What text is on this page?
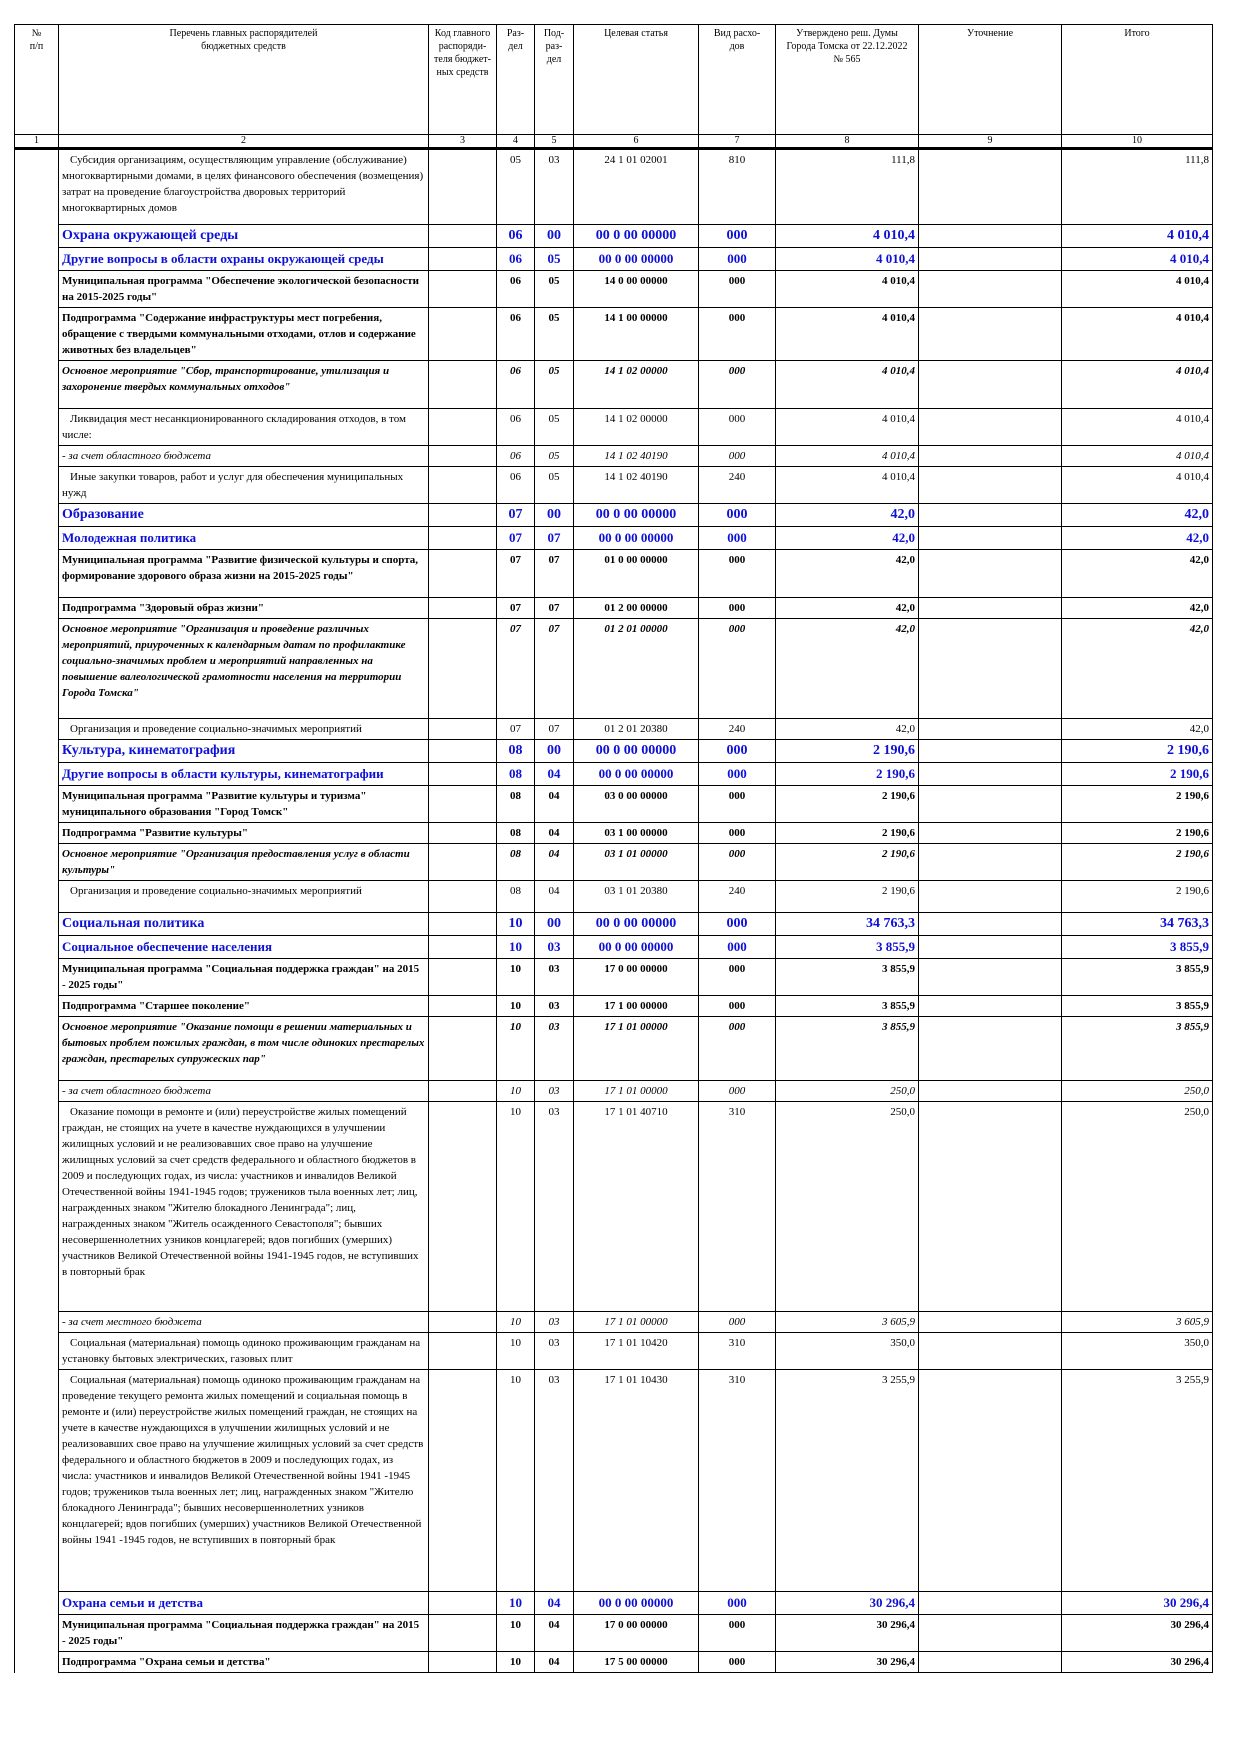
№
п/п	Перечень главных распорядителей
бюджетных средств	Код главного
распоряди-
теля бюджет-
ных средств	Раз-
дел	Под-
раз-
дел	Целевая статья	Вид расхо-
дов	Утверждено реш. Думы
Города Томска от 22.12.2022
№ 565	Уточнение	Итого
1	2	3	4	5	6	7	8	9	10
	Субсидия организациям, осуществляющим управление (обслуживание) многоквартирными домами, в целях финансового обеспечения (возмещения) затрат на проведение благоустройства дворовых территорий многоквартирных домов		05	03	24 1 01 02001	810	111,8		111,8
	Охрана окружающей среды		06	00	00 0 00 00000	000	4 010,4		4 010,4
	Другие вопросы в области охраны окружающей среды		06	05	00 0 00 00000	000	4 010,4		4 010,4
	Муниципальная программа "Обеспечение экологической безопасности на 2015-2025 годы"		06	05	14 0 00 00000	000	4 010,4		4 010,4
	Подпрограмма "Содержание инфраструктуры мест погребения, обращение с твердыми коммунальными отходами, отлов и содержание животных без владельцев"		06	05	14 1 00 00000	000	4 010,4		4 010,4
	Основное мероприятие "Сбор, транспортирование, утилизация и захоронение твердых коммунальных отходов"		06	05	14 1 02 00000	000	4 010,4		4 010,4
	Ликвидация мест несанкционированного складирования отходов, в том числе:		06	05	14 1 02 00000	000	4 010,4		4 010,4
	- за счет областного бюджета		06	05	14 1 02 40190	000	4 010,4		4 010,4
	Иные закупки товаров, работ и услуг для обеспечения муниципальных нужд		06	05	14 1 02 40190	240	4 010,4		4 010,4
	Образование		07	00	00 0 00 00000	000	42,0		42,0
	Молодежная политика		07	07	00 0 00 00000	000	42,0		42,0
	Муниципальная программа "Развитие физической культуры и спорта, формирование здорового образа жизни на 2015-2025 годы"		07	07	01 0 00 00000	000	42,0		42,0
	Подпрограмма "Здоровый образ жизни"		07	07	01 2 00 00000	000	42,0		42,0
	Основное мероприятие "Организация и проведение различных мероприятий, приуроченных к календарным датам по профилактике социально-значимых проблем и мероприятий направленных на повышение валеологической грамотности населения на территории Города Томска"		07	07	01 2 01 00000	000	42,0		42,0
	Организация и проведение социально-значимых мероприятий		07	07	01 2 01 20380	240	42,0		42,0
	Культура, кинематография		08	00	00 0 00 00000	000	2 190,6		2 190,6
	Другие вопросы в области культуры, кинематографии		08	04	00 0 00 00000	000	2 190,6		2 190,6
	Муниципальная программа "Развитие культуры и туризма" муниципального образования "Город Томск"		08	04	03 0 00 00000	000	2 190,6		2 190,6
	Подпрограмма "Развитие культуры"		08	04	03 1 00 00000	000	2 190,6		2 190,6
	Основное мероприятие "Организация предоставления услуг в области культуры"		08	04	03 1 01 00000	000	2 190,6		2 190,6
	Организация и проведение социально-значимых мероприятий		08	04	03 1 01 20380	240	2 190,6		2 190,6
	Социальная политика		10	00	00 0 00 00000	000	34 763,3		34 763,3
	Социальное обеспечение населения		10	03	00 0 00 00000	000	3 855,9		3 855,9
	Муниципальная программа "Социальная поддержка граждан" на 2015 - 2025 годы"		10	03	17 0 00 00000	000	3 855,9		3 855,9
	Подпрограмма "Старшее поколение"		10	03	17 1 00 00000	000	3 855,9		3 855,9
	Основное мероприятие "Оказание помощи в решении материальных и бытовых проблем пожилых граждан, в том числе одиноких престарелых граждан, престарелых супружеских пар"		10	03	17 1 01 00000	000	3 855,9		3 855,9
	- за счет областного бюджета		10	03	17 1 01 00000	000	250,0		250,0
	Оказание помощи в ремонте и (или) переустройстве жилых помещений граждан, не стоящих на учете в качестве нуждающихся в улучшении жилищных условий и не реализовавших свое право на улучшение жилищных условий за счет средств федерального и областного бюджетов в 2009 и последующих годах, из числа: участников и инвалидов Великой Отечественной войны 1941-1945 годов; тружеников тыла военных лет; лиц, награжденных знаком "Жителю блокадного Ленинграда"; лиц, награжденных знаком "Житель осажденного Севастополя"; бывших несовершеннолетних узников концлагерей; вдов погибших (умерших) участников Великой Отечественной войны 1941-1945 годов, не вступивших в повторный брак		10	03	17 1 01 40710	310	250,0		250,0
	- за счет местного бюджета		10	03	17 1 01 00000	000	3 605,9		3 605,9
	Социальная (материальная) помощь одиноко проживающим гражданам на установку бытовых электрических, газовых плит		10	03	17 1 01 10420	310	350,0		350,0
	Социальная (материальная) помощь одиноко проживающим гражданам на проведение текущего ремонта жилых помещений и социальная помощь в ремонте и (или) переустройстве жилых помещений граждан, не стоящих на учете в качестве нуждающихся в улучшении жилищных условий и не реализовавших свое право на улучшение жилищных условий за счет средств федерального и областного бюджетов в 2009 и последующих годах, из числа: участников и инвалидов Великой Отечественной войны 1941 -1945 годов; тружеников тыла военных лет; лиц, награжденных знаком "Жителю блокадного Ленинграда"; бывших несовершеннолетних узников концлагерей; вдов погибших (умерших) участников Великой Отечественной войны 1941 -1945 годов, не вступивших в повторный брак		10	03	17 1 01 10430	310	3 255,9		3 255,9
	Охрана семьи и детства		10	04	00 0 00 00000	000	30 296,4		30 296,4
	Муниципальная программа "Социальная поддержка граждан" на 2015 - 2025 годы"		10	04	17 0 00 00000	000	30 296,4		30 296,4
	Подпрограмма "Охрана семьи и детства"		10	04	17 5 00 00000	000	30 296,4		30 296,4
